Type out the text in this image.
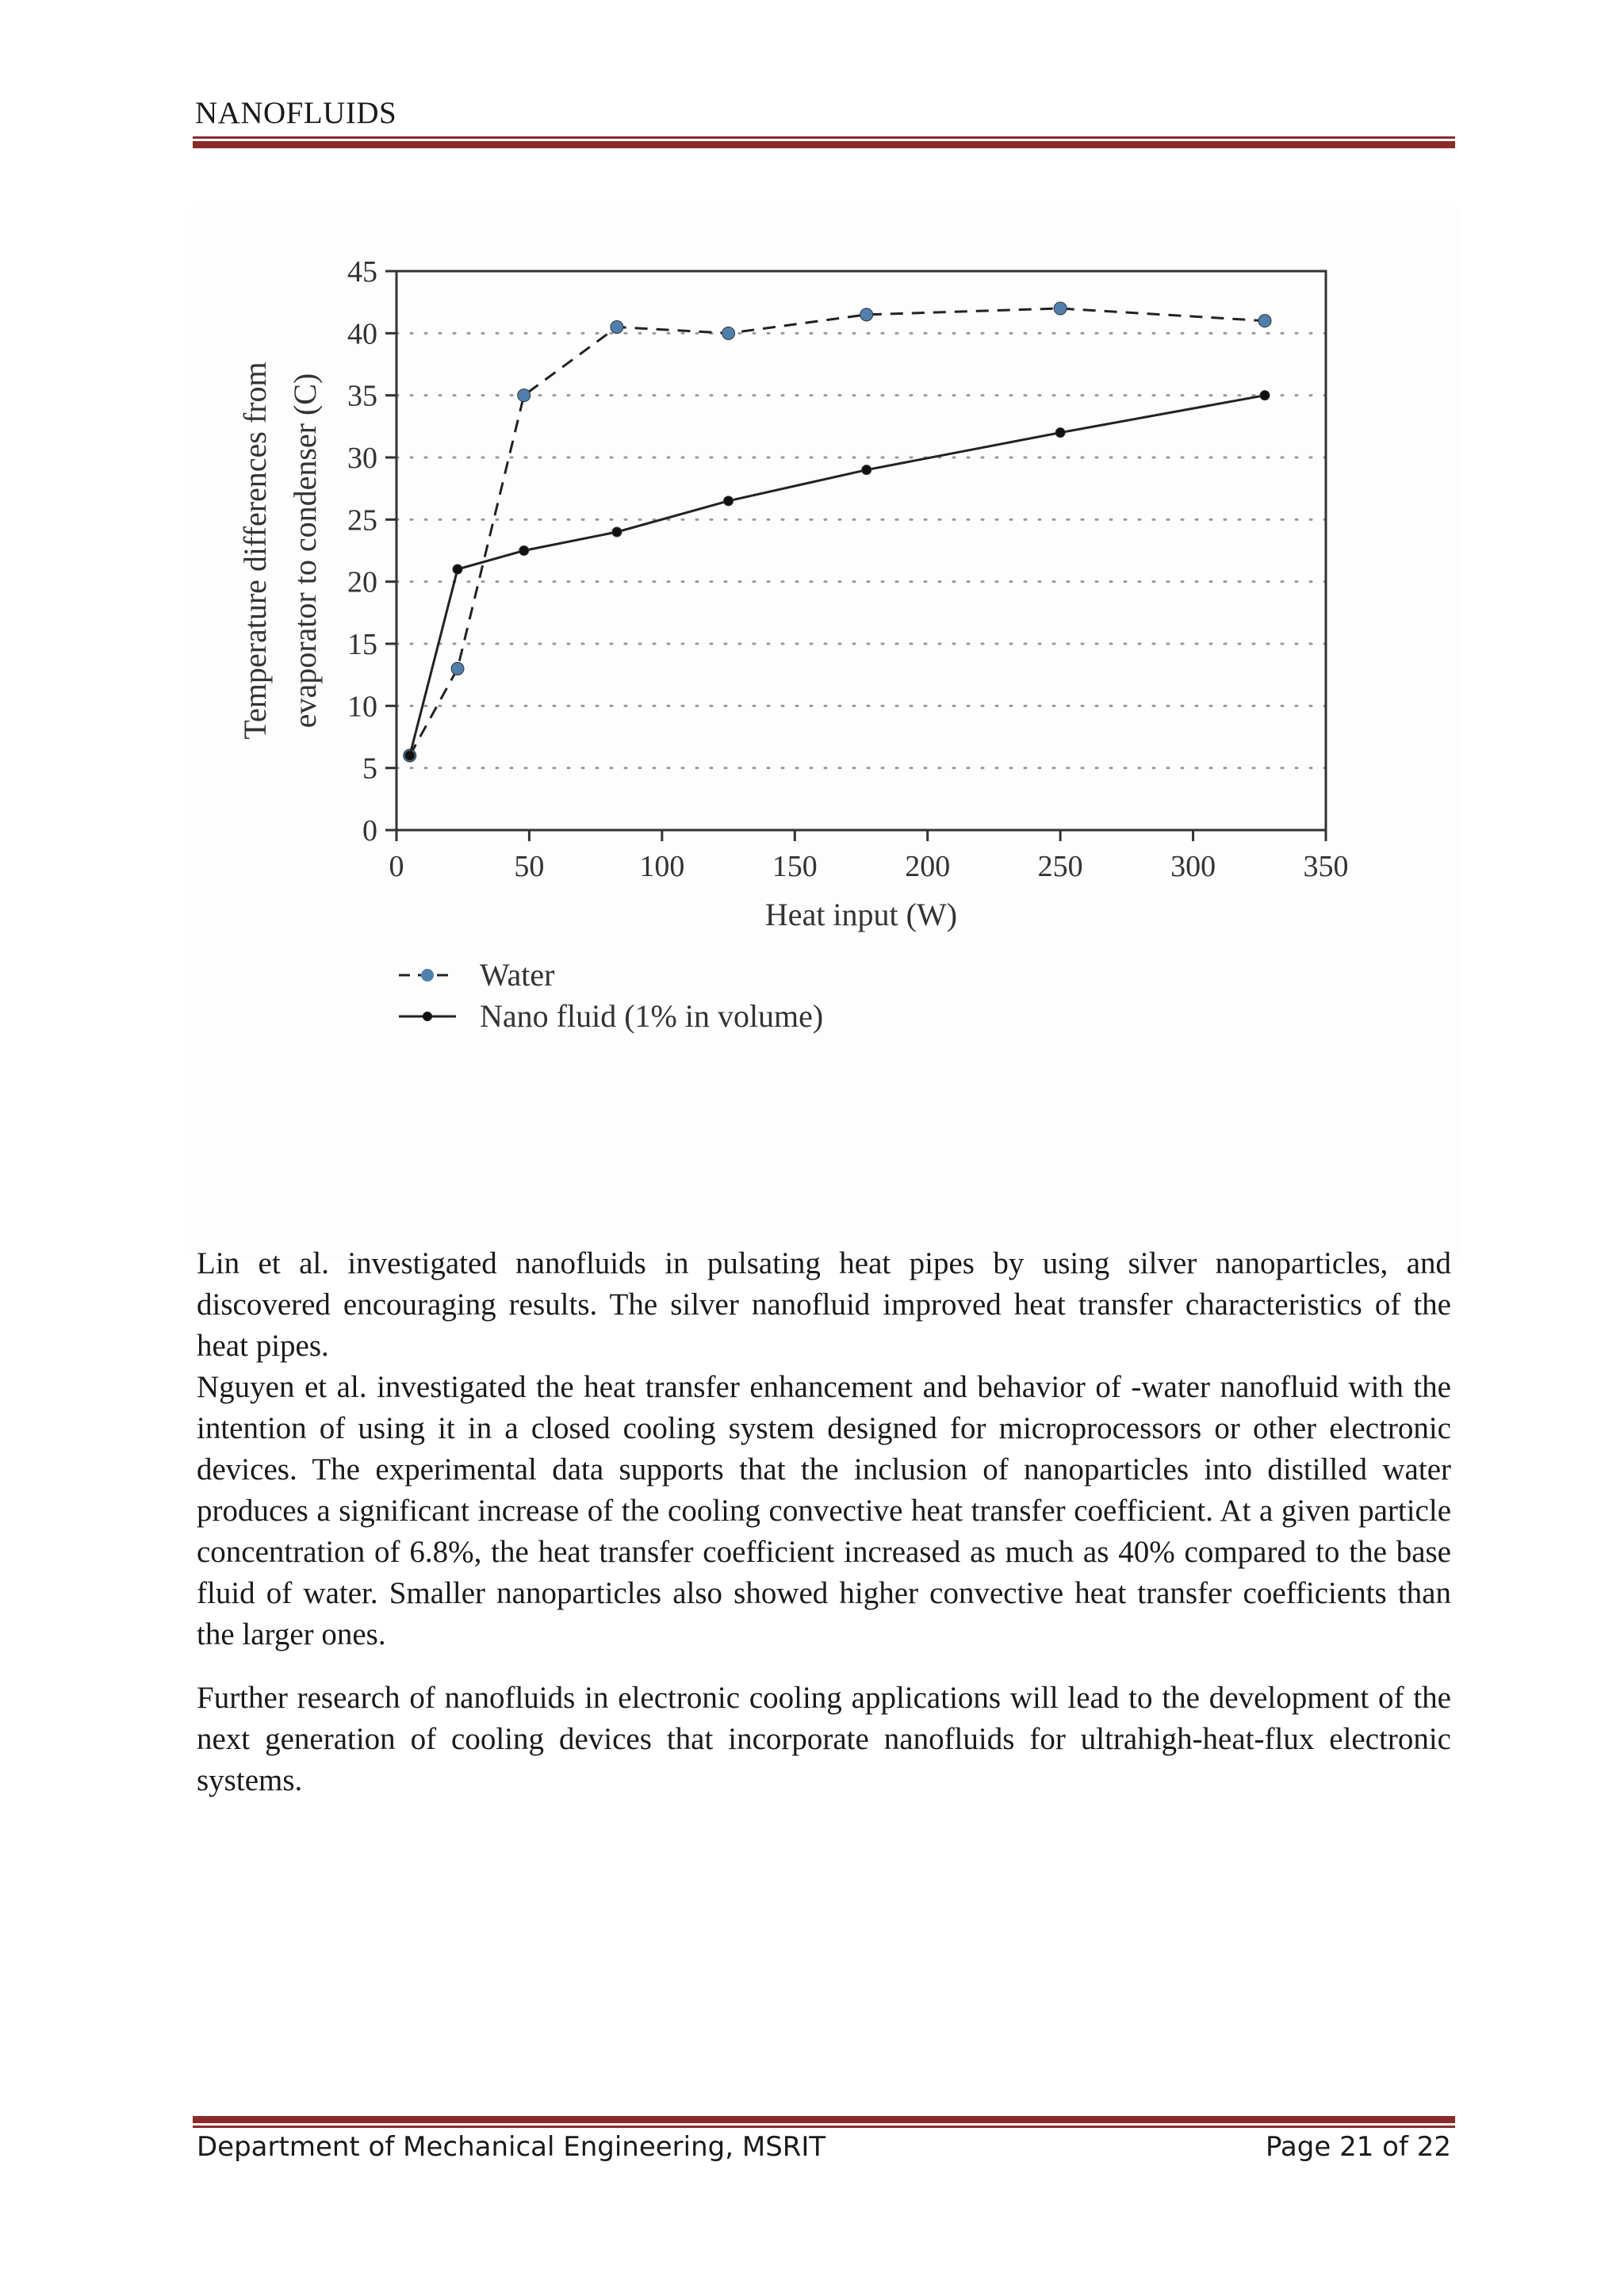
NANOFLUIDS
0
5
10
15
20
25
30
35
40
45
0	50	100	150	200	250	300	350
Heat input (W)
Temperature differences from evaporator to condenser (C)
Water
Nano fluid (1% in volume)

Lin et al. investigated nanofluids in pulsating heat pipes by using silver nanoparticles, and discovered encouraging results. The silver nanofluid improved heat transfer characteristics of the heat pipes.

Nguyen et al. investigated the heat transfer enhancement and behavior of -water nanofluid with the intention of using it in a closed cooling system designed for microprocessors or other electronic devices. The experimental data supports that the inclusion of nanoparticles into distilled water produces a significant increase of the cooling convective heat transfer coefficient. At a given particle concentration of 6.8%, the heat transfer coefficient increased as much as 40% compared to the base fluid of water. Smaller nanoparticles also showed higher convective heat transfer coefficients than the larger ones.

Further research of nanofluids in electronic cooling applications will lead to the development of the next generation of cooling devices that incorporate nanofluids for ultrahigh-heat-flux electronic systems.

Department of Mechanical Engineering, MSRIT	Page 21 of 22
